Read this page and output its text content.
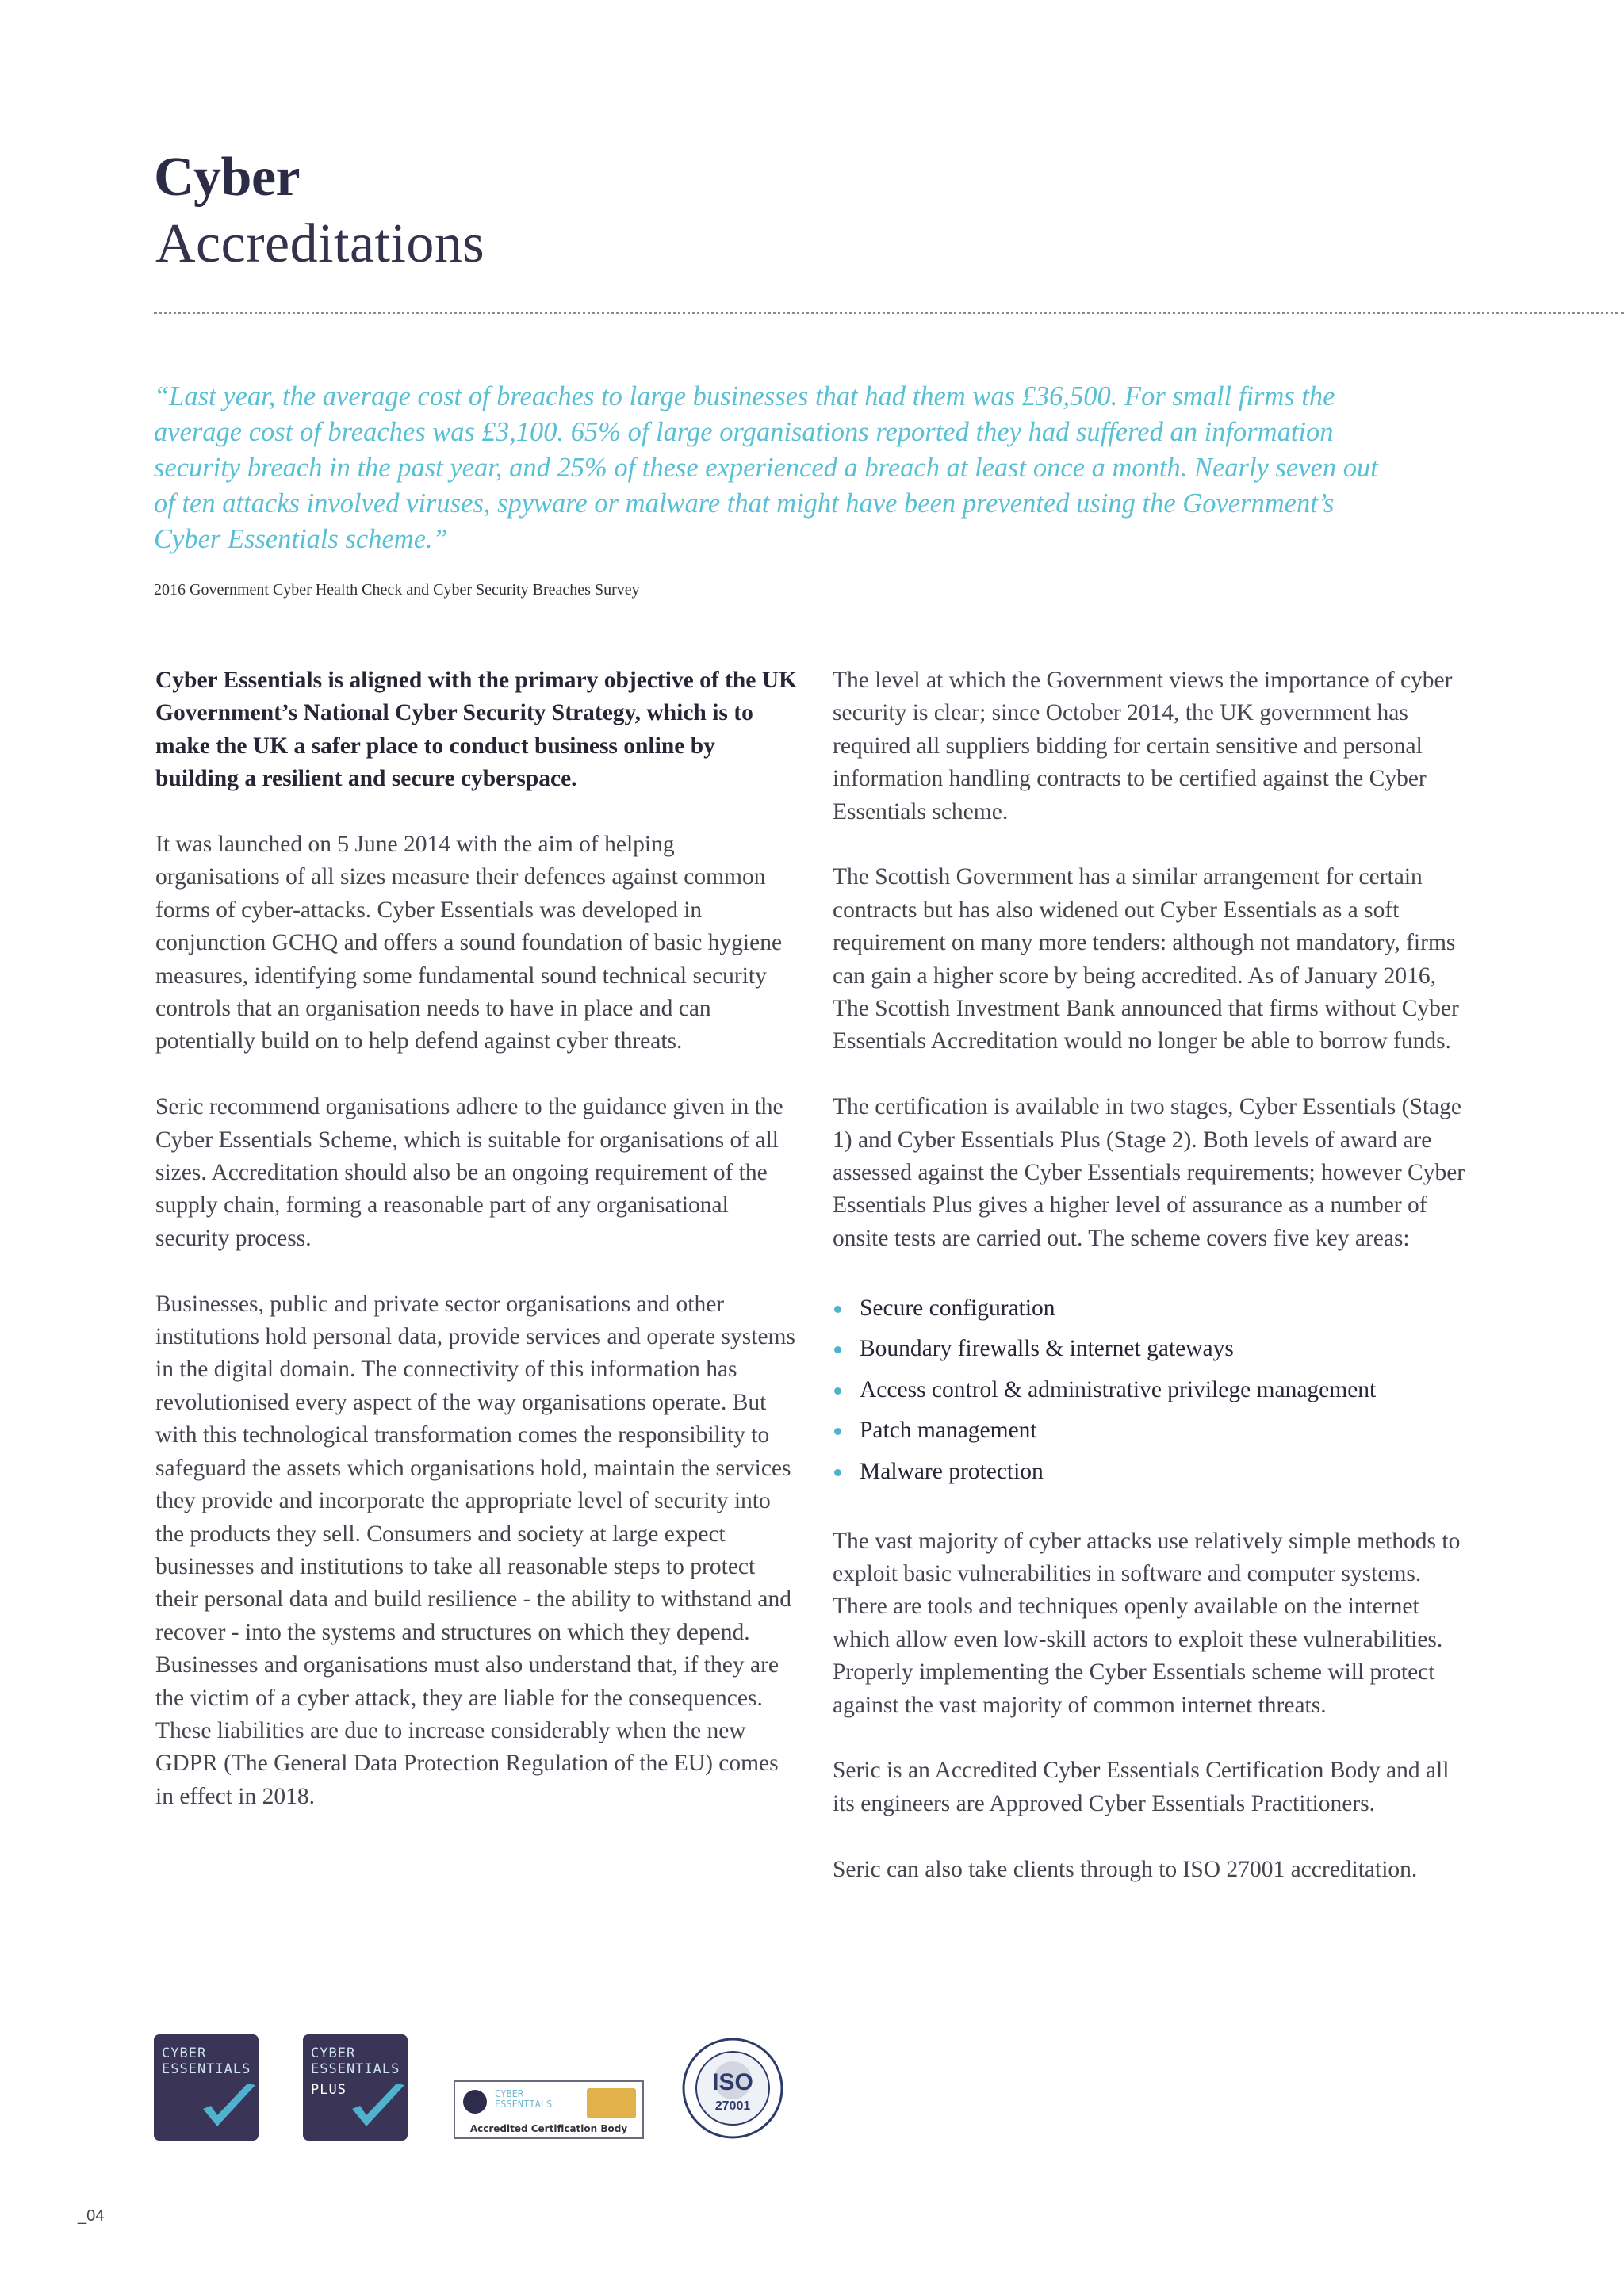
Cyber
Accreditations
“Last year, the average cost of breaches to large businesses that had them was £36,500. For small firms the average cost of breaches was £3,100. 65% of large organisations reported they had suffered an information security breach in the past year, and 25% of these experienced a breach at least once a month. Nearly seven out of ten attacks involved viruses, spyware or malware that might have been prevented using the Government’s Cyber Essentials scheme.”
2016 Government Cyber Health Check and Cyber Security Breaches Survey

Cyber Essentials is aligned with the primary objective of the UK Government’s National Cyber Security Strategy, which is to make the UK a safer place to conduct business online by building a resilient and secure cyberspace.

It was launched on 5 June 2014 with the aim of helping organisations of all sizes measure their defences against common forms of cyber-attacks. Cyber Essentials was developed in conjunction GCHQ and offers a sound foundation of basic hygiene measures, identifying some fundamental sound technical security controls that an organisation needs to have in place and can potentially build on to help defend against cyber threats.

Seric recommend organisations adhere to the guidance given in the Cyber Essentials Scheme, which is suitable for organisations of all sizes. Accreditation should also be an ongoing requirement of the supply chain, forming a reasonable part of any organisational security process.

Businesses, public and private sector organisations and other institutions hold personal data, provide services and operate systems in the digital domain. The connectivity of this information has revolutionised every aspect of the way organisations operate. But with this technological transformation comes the responsibility to safeguard the assets which organisations hold, maintain the services they provide and incorporate the appropriate level of security into the products they sell. Consumers and society at large expect businesses and institutions to take all reasonable steps to protect their personal data and build resilience - the ability to withstand and recover - into the systems and structures on which they depend. Businesses and organisations must also understand that, if they are the victim of a cyber attack, they are liable for the consequences. These liabilities are due to increase considerably when the new GDPR (The General Data Protection Regulation of the EU) comes in effect in 2018.

The level at which the Government views the importance of cyber security is clear; since October 2014, the UK government has required all suppliers bidding for certain sensitive and personal information handling contracts to be certified against the Cyber Essentials scheme.

The Scottish Government has a similar arrangement for certain contracts but has also widened out Cyber Essentials as a soft requirement on many more tenders: although not mandatory, firms can gain a higher score by being accredited. As of January 2016, The Scottish Investment Bank announced that firms without Cyber Essentials Accreditation would no longer be able to borrow funds.

The certification is available in two stages, Cyber Essentials (Stage 1) and Cyber Essentials Plus (Stage 2). Both levels of award are assessed against the Cyber Essentials requirements; however Cyber Essentials Plus gives a higher level of assurance as a number of onsite tests are carried out. The scheme covers five key areas:

Secure configuration
Boundary firewalls & internet gateways
Access control & administrative privilege management
Patch management
Malware protection

The vast majority of cyber attacks use relatively simple methods to exploit basic vulnerabilities in software and computer systems. There are tools and techniques openly available on the internet which allow even low-skill actors to exploit these vulnerabilities. Properly implementing the Cyber Essentials scheme will protect against the vast majority of common internet threats.

Seric is an Accredited Cyber Essentials Certification Body and all its engineers are Approved Cyber Essentials Practitioners.

Seric can also take clients through to ISO 27001 accreditation.

CYBER
ESSENTIALS
CYBER
ESSENTIALS
PLUS	CYBER
ESSENTIALS
Accredited Certification Body
ISO
27001
_04
